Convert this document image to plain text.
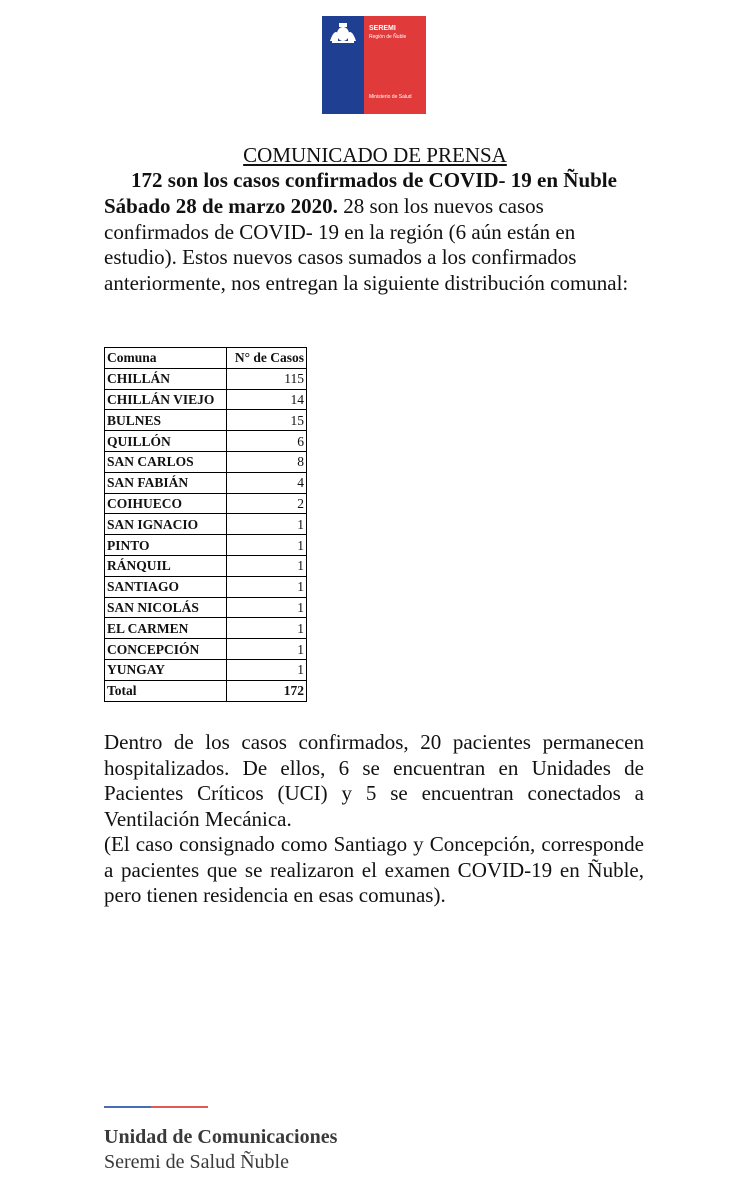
SEREMI
Región de Ñuble
Ministerio de Salud
COMUNICADO DE PRENSA
172 son los casos confirmados de COVID- 19 en Ñuble

Sábado 28 de marzo 2020. 28 son los nuevos casos confirmados de COVID- 19 en la región (6 aún están en estudio). Estos nuevos casos sumados a los confirmados anteriormente, nos entregan la siguiente distribución comunal:

Comuna	N° de Casos
CHILLÁN	115
CHILLÁN VIEJO	14
BULNES	15
QUILLÓN	6
SAN CARLOS	8
SAN FABIÁN	4
COIHUECO	2
SAN IGNACIO	1
PINTO	1
RÁNQUIL	1
SANTIAGO	1
SAN NICOLÁS	1
EL CARMEN	1
CONCEPCIÓN	1
YUNGAY	1
Total	172

Dentro de los casos confirmados, 20 pacientes permanecen hospitalizados. De ellos, 6 se encuentran en Unidades de Pacientes Críticos (UCI) y 5 se encuentran conectados a Ventilación Mecánica.

(El caso consignado como Santiago y Concepción, corresponde a pacientes que se realizaron el examen COVID-19 en Ñuble, pero tienen residencia en esas comunas).

Unidad de Comunicaciones
Seremi de Salud Ñuble
